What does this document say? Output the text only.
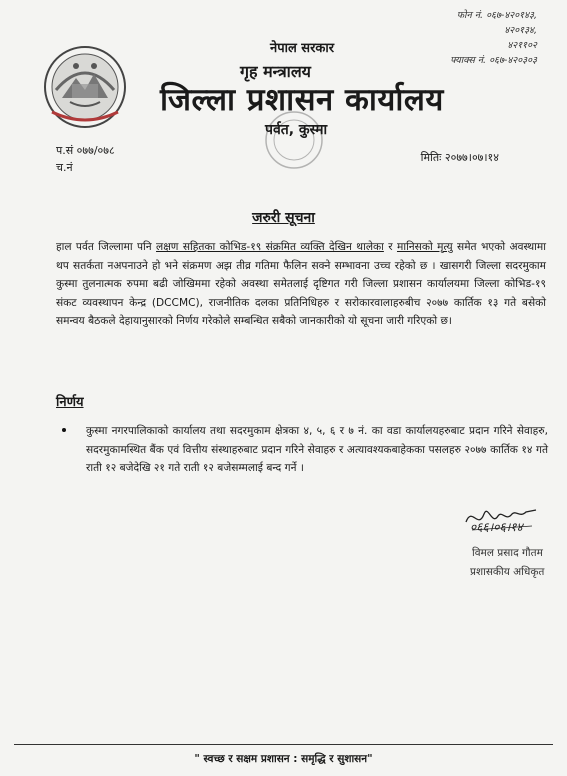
फोन नं. ०६७-४२०१४३,
४२०१३४,
४२११०२
फ्याक्स नं. ०६७-४२०३०३
नेपाल सरकार
गृह मन्त्रालय
जिल्ला प्रशासन कार्यालय
पर्वत, कुस्मा
प.सं ०७७/०७८
च.नं
मितिः २०७७।०७।१४
जरुरी सूचना
हाल पर्वत जिल्लामा पनि लक्षण सहितका कोभिड-१९ संक्रमित व्यक्ति देखिन थालेका र मानिसको मृत्यु समेत भएको अवस्थामा थप सतर्कता नअपनाउने हो भने संक्रमण अझ तीव्र गतिमा फैलिन सक्ने सम्भावना उच्च रहेको छ । खासगरी जिल्ला सदरमुकाम कुस्मा तुलनात्मक रुपमा बढी जोखिममा रहेको अवस्था समेतलाई दृष्टिगत गरी जिल्ला प्रशासन कार्यालयमा जिल्ला कोभिड-१९ संकट व्यवस्थापन केन्द्र (DCCMC), राजनीतिक दलका प्रतिनिधिहरु र सरोकारवालाहरुबीच २०७७ कार्तिक १३ गते बसेको समन्वय बैठकले देहायानुसारको निर्णय गरेकोले सम्बन्धित सबैको जानकारीको यो सूचना जारी गरिएको छ।
निर्णय
कुस्मा नगरपालिकाको कार्यालय तथा सदरमुकाम क्षेत्रका ४, ५, ६ र ७ नं. का वडा कार्यालयहरुबाट प्रदान गरिने सेवाहरु, सदरमुकामस्थित बैंक एवं वित्तीय संस्थाहरुबाट प्रदान गरिने सेवाहरु र अत्यावश्यकबाहेकका पसलहरु २०७७ कार्तिक १४ गते राती १२ बजेदेखि २१ गते राती १२ बजेसम्मलाई बन्द गर्ने ।
०६६।०६।१४
विमल प्रसाद गौतम
प्रशासकीय अधिकृत
" स्वच्छ र सक्षम प्रशासन : समृद्धि र सुशासन"
